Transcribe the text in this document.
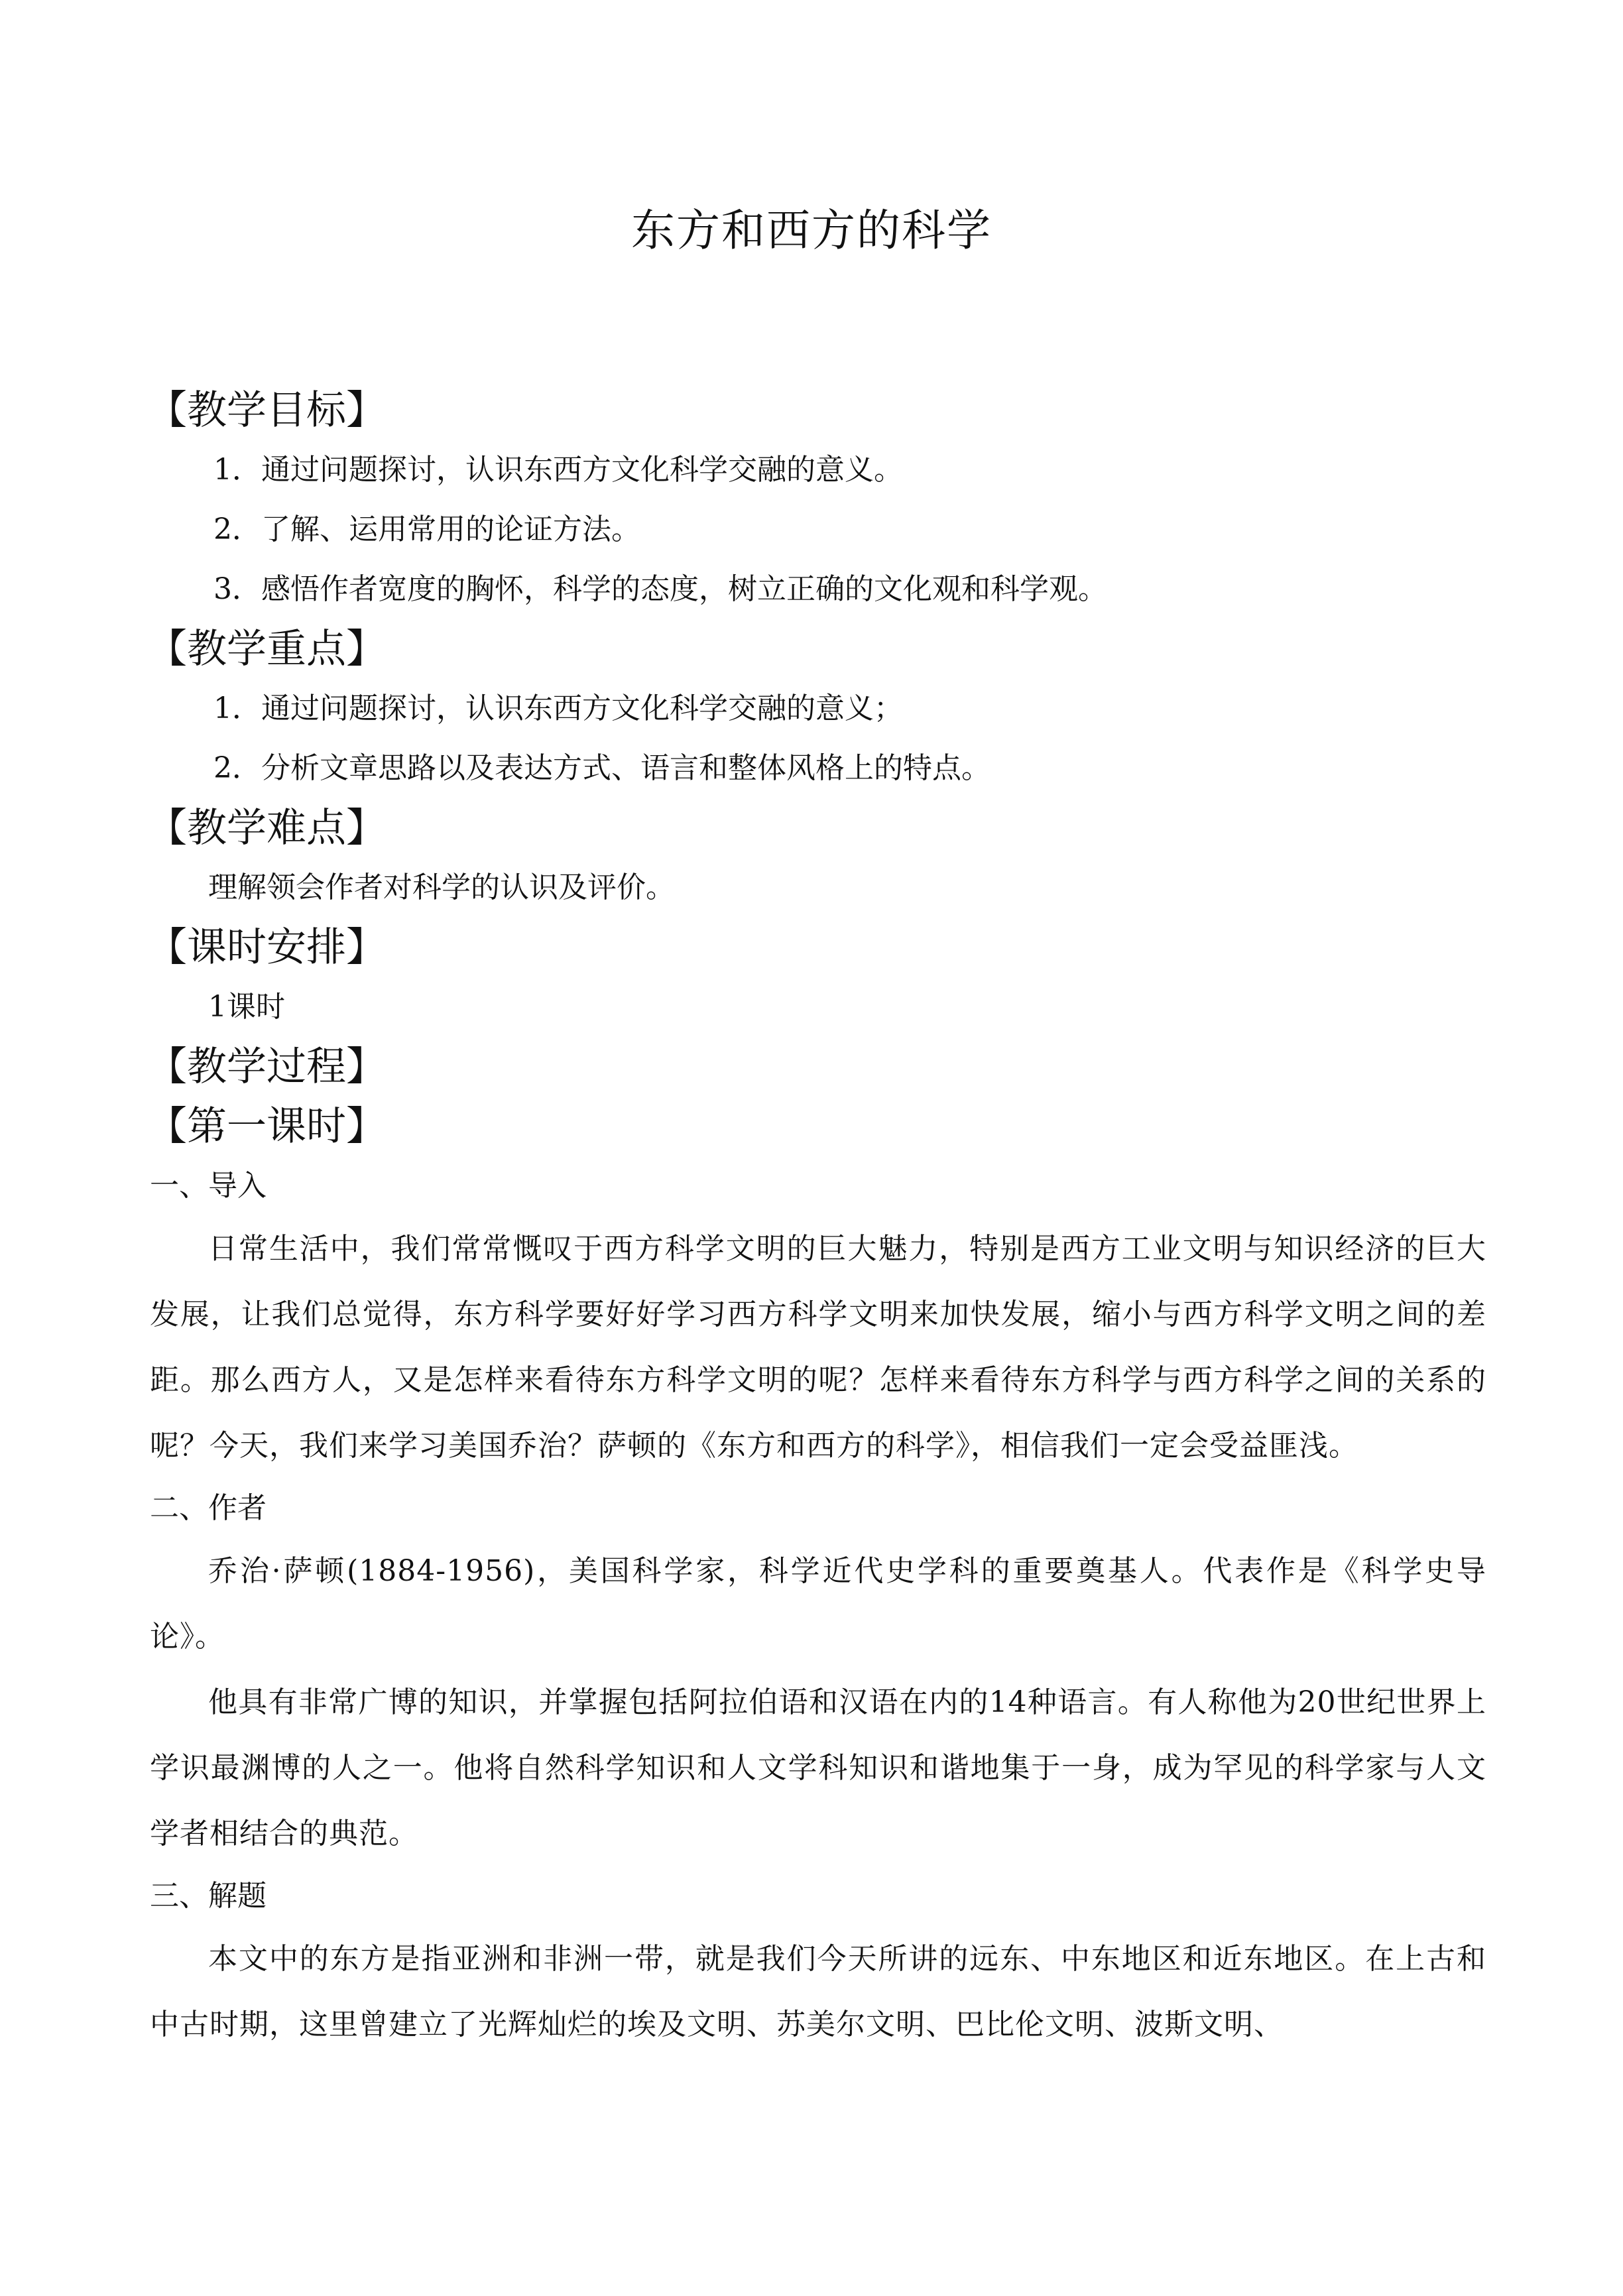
东方和西方的科学
【教学目标】

1．通过问题探讨，认识东西方文化科学交融的意义。

2．了解、运用常用的论证方法。

3．感悟作者宽度的胸怀，科学的态度，树立正确的文化观和科学观。

【教学重点】

1．通过问题探讨，认识东西方文化科学交融的意义；

2．分析文章思路以及表达方式、语言和整体风格上的特点。

【教学难点】

理解领会作者对科学的认识及评价。

【课时安排】

1课时

【教学过程】
【第一课时】

一、导入

日常生活中，我们常常慨叹于西方科学文明的巨大魅力，特别是西方工业文明与知识经济的巨大发展，让我们总觉得，东方科学要好好学习西方科学文明来加快发展，缩小与西方科学文明之间的差距。那么西方人，又是怎样来看待东方科学文明的呢？怎样来看待东方科学与西方科学之间的关系的呢？今天，我们来学习美国乔治？萨顿的《东方和西方的科学》，相信我们一定会受益匪浅。

二、作者

乔治·萨顿(1884-1956)，美国科学家，科学近代史学科的重要奠基人。代表作是《科学史导论》。

他具有非常广博的知识，并掌握包括阿拉伯语和汉语在内的14种语言。有人称他为20世纪世界上学识最渊博的人之一。他将自然科学知识和人文学科知识和谐地集于一身，成为罕见的科学家与人文学者相结合的典范。

三、解题

本文中的东方是指亚洲和非洲一带，就是我们今天所讲的远东、中东地区和近东地区。在上古和中古时期，这里曾建立了光辉灿烂的埃及文明、苏美尔文明、巴比伦文明、波斯文明、
